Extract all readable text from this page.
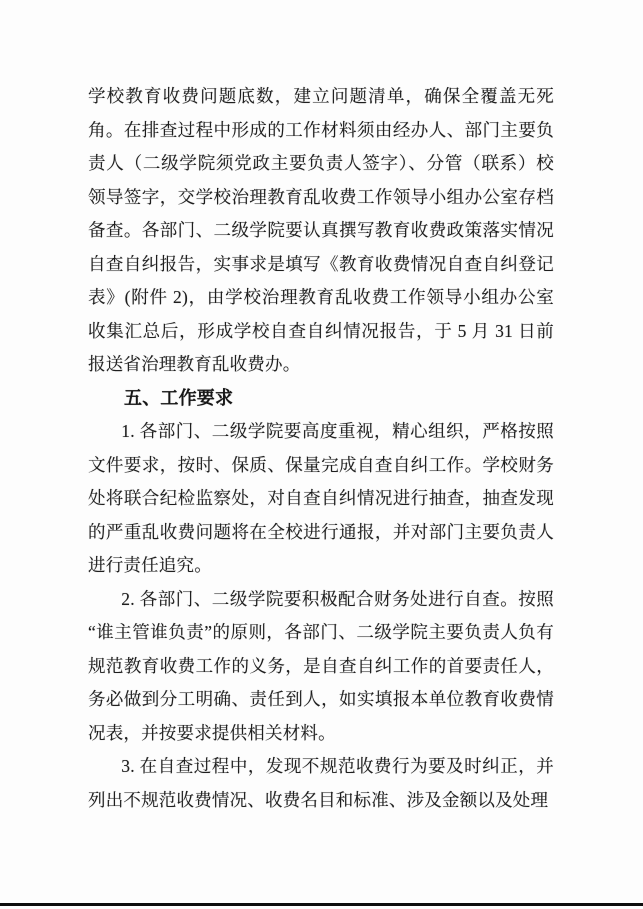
学校教育收费问题底数，建立问题清单，确保全覆盖无死角。在排查过程中形成的工作材料须由经办人、部门主要负责人（二级学院须党政主要负责人签字）、分管（联系）校领导签字，交学校治理教育乱收费工作领导小组办公室存档备查。各部门、二级学院要认真撰写教育收费政策落实情况自查自纠报告，实事求是填写《教育收费情况自查自纠登记表》(附件 2)，由学校治理教育乱收费工作领导小组办公室收集汇总后，形成学校自查自纠情况报告，于 5 月 31 日前报送省治理教育乱收费办。

五、工作要求

1. 各部门、二级学院要高度重视，精心组织，严格按照文件要求，按时、保质、保量完成自查自纠工作。学校财务处将联合纪检监察处，对自查自纠情况进行抽查，抽查发现的严重乱收费问题将在全校进行通报，并对部门主要负责人进行责任追究。

2. 各部门、二级学院要积极配合财务处进行自查。按照“谁主管谁负责”的原则，各部门、二级学院主要负责人负有规范教育收费工作的义务，是自查自纠工作的首要责任人，务必做到分工明确、责任到人，如实填报本单位教育收费情况表，并按要求提供相关材料。

3. 在自查过程中，发现不规范收费行为要及时纠正，并列出不规范收费情况、收费名目和标准、涉及金额以及处理
